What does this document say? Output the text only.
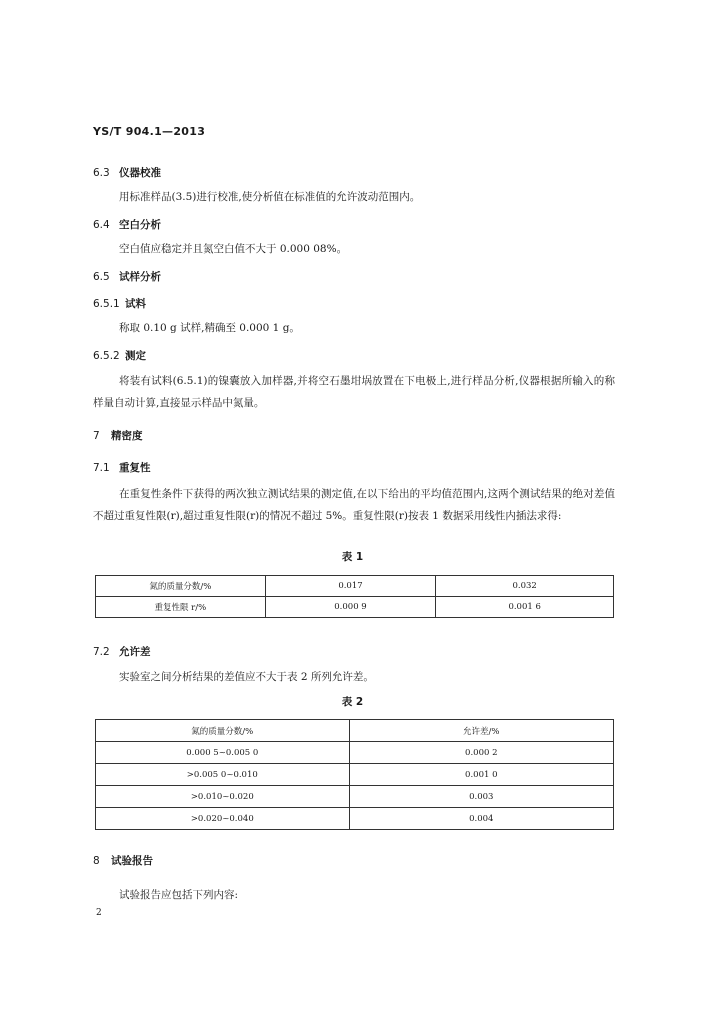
YS/T 904.1—2013
6.3 仪器校准
用标准样品(3.5)进行校准,使分析值在标准值的允许波动范围内。
6.4 空白分析
空白值应稳定并且氮空白值不大于 0.000 08%。
6.5 试样分析
6.5.1 试料
称取 0.10 g 试样,精确至 0.000 1 g。
6.5.2 测定
将装有试料(6.5.1)的镍囊放入加样器,并将空石墨坩埚放置在下电极上,进行样品分析,仪器根据所输入的称样量自动计算,直接显示样品中氮量。
7 精密度
7.1 重复性
在重复性条件下获得的两次独立测试结果的测定值,在以下给出的平均值范围内,这两个测试结果的绝对差值不超过重复性限(r),超过重复性限(r)的情况不超过 5%。重复性限(r)按表 1 数据采用线性内插法求得:
表 1
氮的质量分数/%	0.017	0.032
重复性限 r/%	0.000 9	0.001 6
7.2 允许差
实验室之间分析结果的差值应不大于表 2 所列允许差。
表 2
氮的质量分数/%	允许差/%
0.000 5~0.005 0	0.000 2
>0.005 0~0.010	0.001 0
>0.010~0.020	0.003
>0.020~0.040	0.004
8 试验报告
试验报告应包括下列内容:
2
